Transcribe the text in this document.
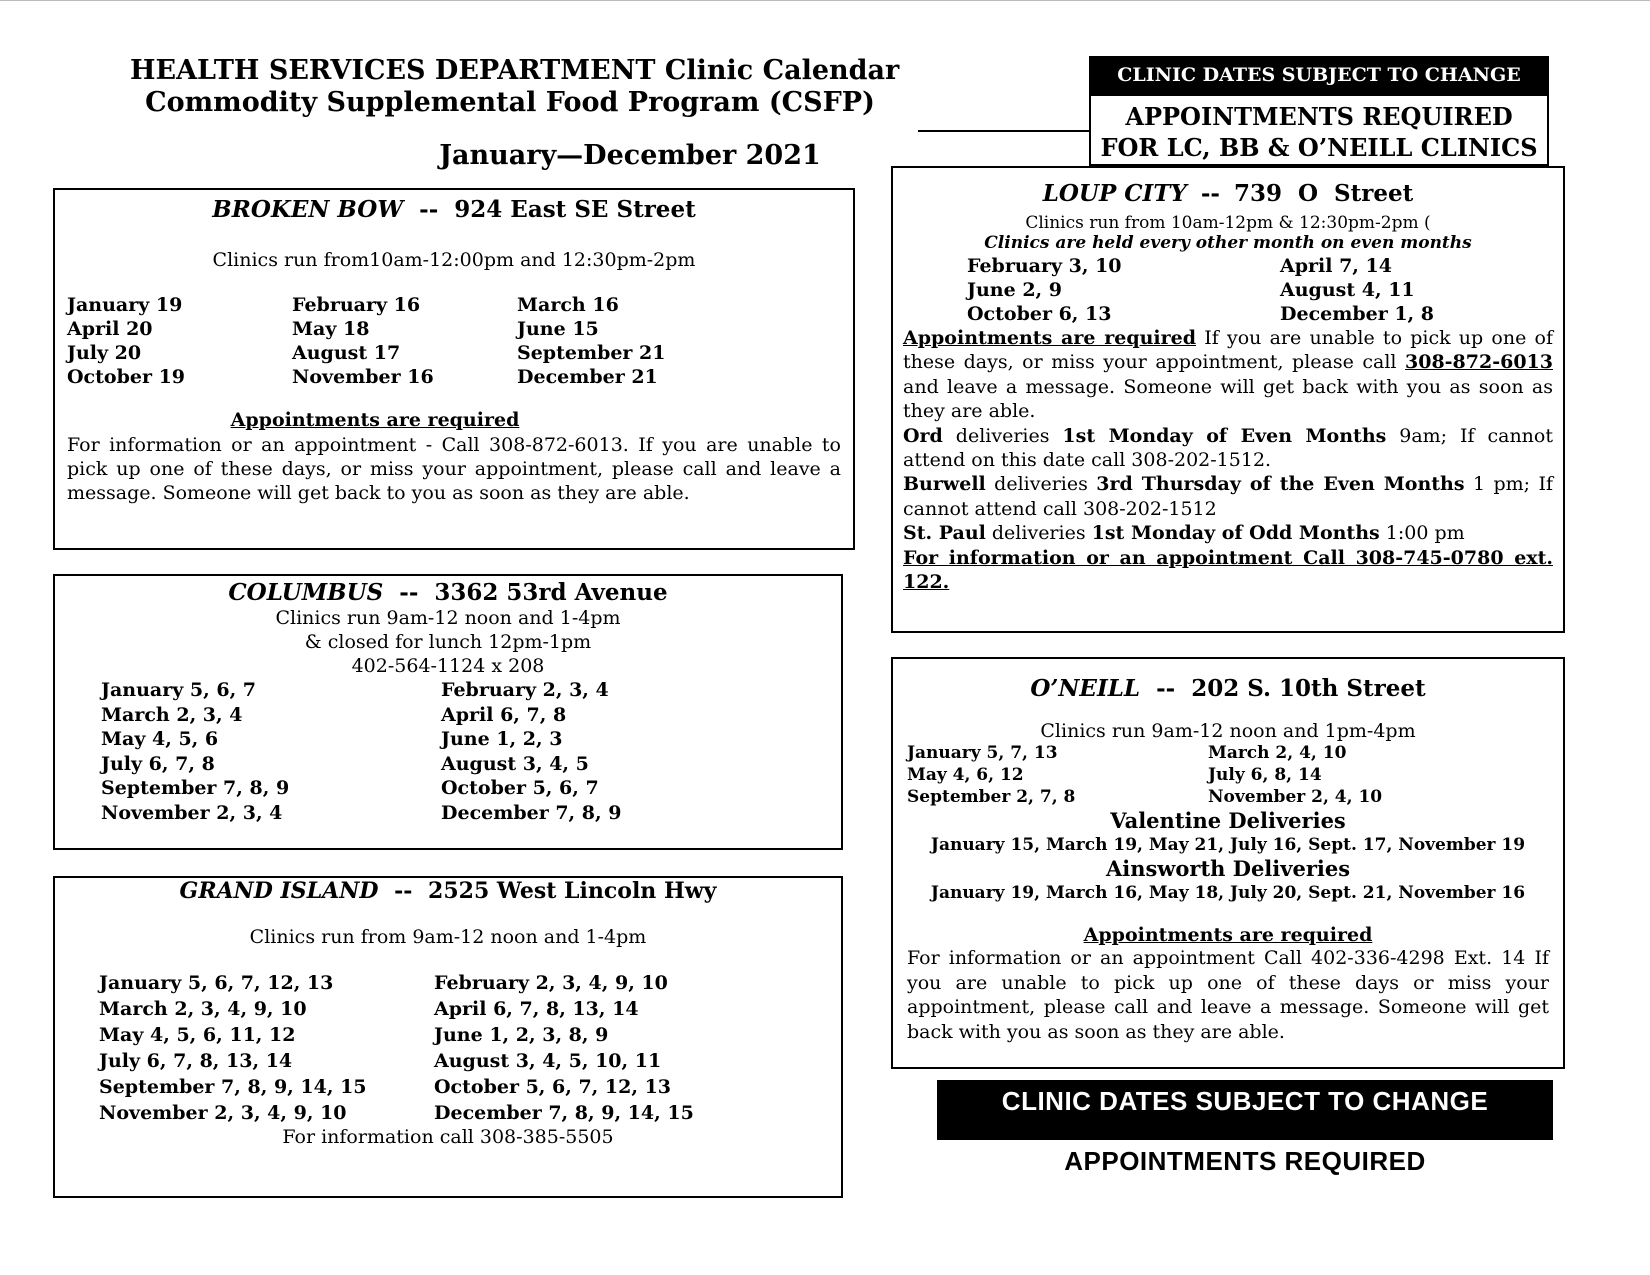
HEALTH SERVICES DEPARTMENT Clinic Calendar
Commodity Supplemental Food Program (CSFP)
January—December 2021
CLINIC DATES SUBJECT TO CHANGE
APPOINTMENTS REQUIRED
FOR LC, BB & O’NEILL CLINICS
BROKEN BOW -- 924 East SE Street
Clinics run from10am-12:00pm and 12:30pm-2pm
January 19	February 16	March 16
April 20	May 18	June 15
July 20	August 17	September 21
October 19	November 16	December 21
Appointments are required
For information or an appointment - Call 308-872-6013. If you are unable to pick up one of these days, or miss your appointment, please call and leave a message. Someone will get back to you as soon as they are able.
COLUMBUS -- 3362 53rd Avenue
Clinics run 9am-12 noon and 1-4pm
& closed for lunch 12pm-1pm
402-564-1124 x 208
January 5, 6, 7	February 2, 3, 4
March 2, 3, 4	April 6, 7, 8
May 4, 5, 6	June 1, 2, 3
July 6, 7, 8	August 3, 4, 5
September 7, 8, 9	October 5, 6, 7
November 2, 3, 4	December 7, 8, 9
GRAND ISLAND -- 2525 West Lincoln Hwy
Clinics run from 9am-12 noon and 1-4pm
January 5, 6, 7, 12, 13	February 2, 3, 4, 9, 10
March 2, 3, 4, 9, 10	April 6, 7, 8, 13, 14
May 4, 5, 6, 11, 12	June 1, 2, 3, 8, 9
July 6, 7, 8, 13, 14	August 3, 4, 5, 10, 11
September 7, 8, 9, 14, 15	October 5, 6, 7, 12, 13
November 2, 3, 4, 9, 10	December 7, 8, 9, 14, 15
For information call 308-385-5505
LOUP CITY -- 739  O  Street
Clinics run from 10am-12pm & 12:30pm-2pm (
Clinics are held every other month on even months
February 3, 10	April 7, 14
June 2, 9	August 4, 11
October 6, 13	December 1, 8
Appointments are required If you are unable to pick up one of these days, or miss your appointment, please call 308-872-6013 and leave a message. Someone will get back with you as soon as they are able.
Ord deliveries 1st Monday of Even Months 9am; If cannot attend on this date call 308-202-1512.
Burwell deliveries 3rd Thursday of the Even Months 1 pm; If cannot attend call 308-202-1512
St. Paul deliveries 1st Monday of Odd Months 1:00 pm
For information or an appointment Call 308-745-0780 ext. 122.
O’NEILL -- 202 S. 10th Street
Clinics run 9am-12 noon and 1pm-4pm
January 5, 7, 13	March 2, 4, 10
May 4, 6, 12	July 6, 8, 14
September 2, 7, 8	November 2, 4, 10
Valentine Deliveries
January 15, March 19, May 21, July 16, Sept. 17, November 19
Ainsworth Deliveries
January 19, March 16, May 18, July 20, Sept. 21, November 16
Appointments are required
For information or an appointment Call 402-336-4298 Ext. 14 If you are unable to pick up one of these days or miss your appointment, please call and leave a message. Someone will get back with you as soon as they are able.
CLINIC DATES SUBJECT TO CHANGE
APPOINTMENTS REQUIRED
